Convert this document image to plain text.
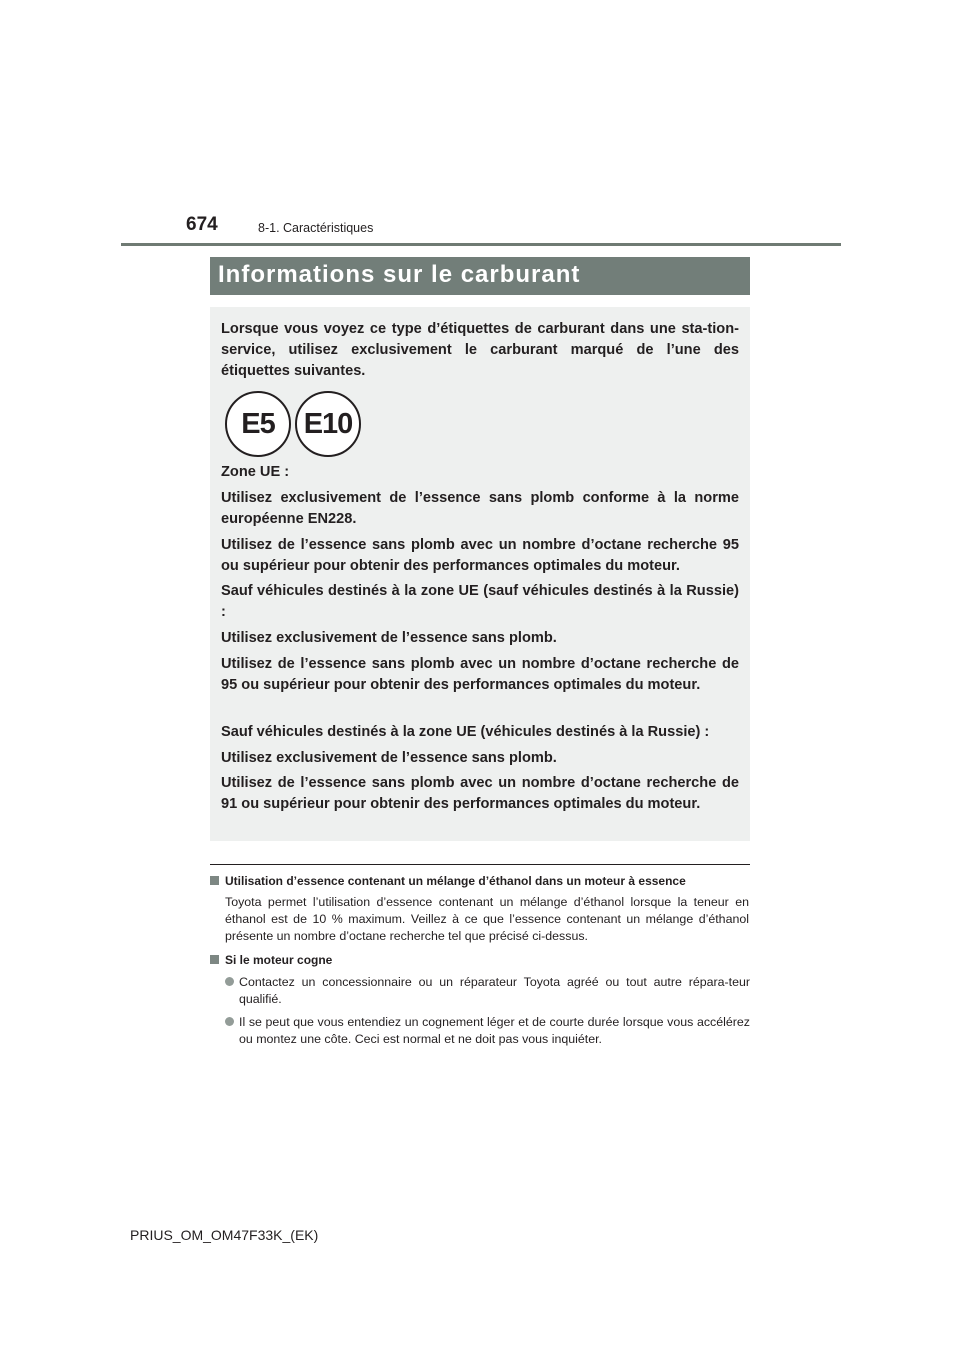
674	8-1. Caractéristiques
Informations sur le carburant

Lorsque vous voyez ce type d’étiquettes de carburant dans une sta-tion-service, utilisez exclusivement le carburant marqué de l’une des étiquettes suivantes.

E5 E10

Zone UE :

Utilisez exclusivement de l’essence sans plomb conforme à la norme européenne EN228.

Utilisez de l’essence sans plomb avec un nombre d’octane recherche 95 ou supérieur pour obtenir des performances optimales du moteur.

Sauf véhicules destinés à la zone UE (sauf véhicules destinés à la Russie) :

Utilisez exclusivement de l’essence sans plomb.

Utilisez de l’essence sans plomb avec un nombre d’octane recherche de 95 ou supérieur pour obtenir des performances optimales du moteur.

Sauf véhicules destinés à la zone UE (véhicules destinés à la Russie) :

Utilisez exclusivement de l’essence sans plomb.

Utilisez de l’essence sans plomb avec un nombre d’octane recherche de 91 ou supérieur pour obtenir des performances optimales du moteur.

Utilisation d’essence contenant un mélange d’éthanol dans un moteur à essence

Toyota permet l’utilisation d’essence contenant un mélange d’éthanol lorsque la teneur en éthanol est de 10 % maximum. Veillez à ce que l’essence contenant un mélange d’éthanol présente un nombre d’octane recherche tel que précisé ci-dessus.

Si le moteur cogne
Contactez un concessionnaire ou un réparateur Toyota agréé ou tout autre répara-teur qualifié.
Il se peut que vous entendiez un cognement léger et de courte durée lorsque vous accélérez ou montez une côte. Ceci est normal et ne doit pas vous inquiéter.
PRIUS_OM_OM47F33K_(EK)
